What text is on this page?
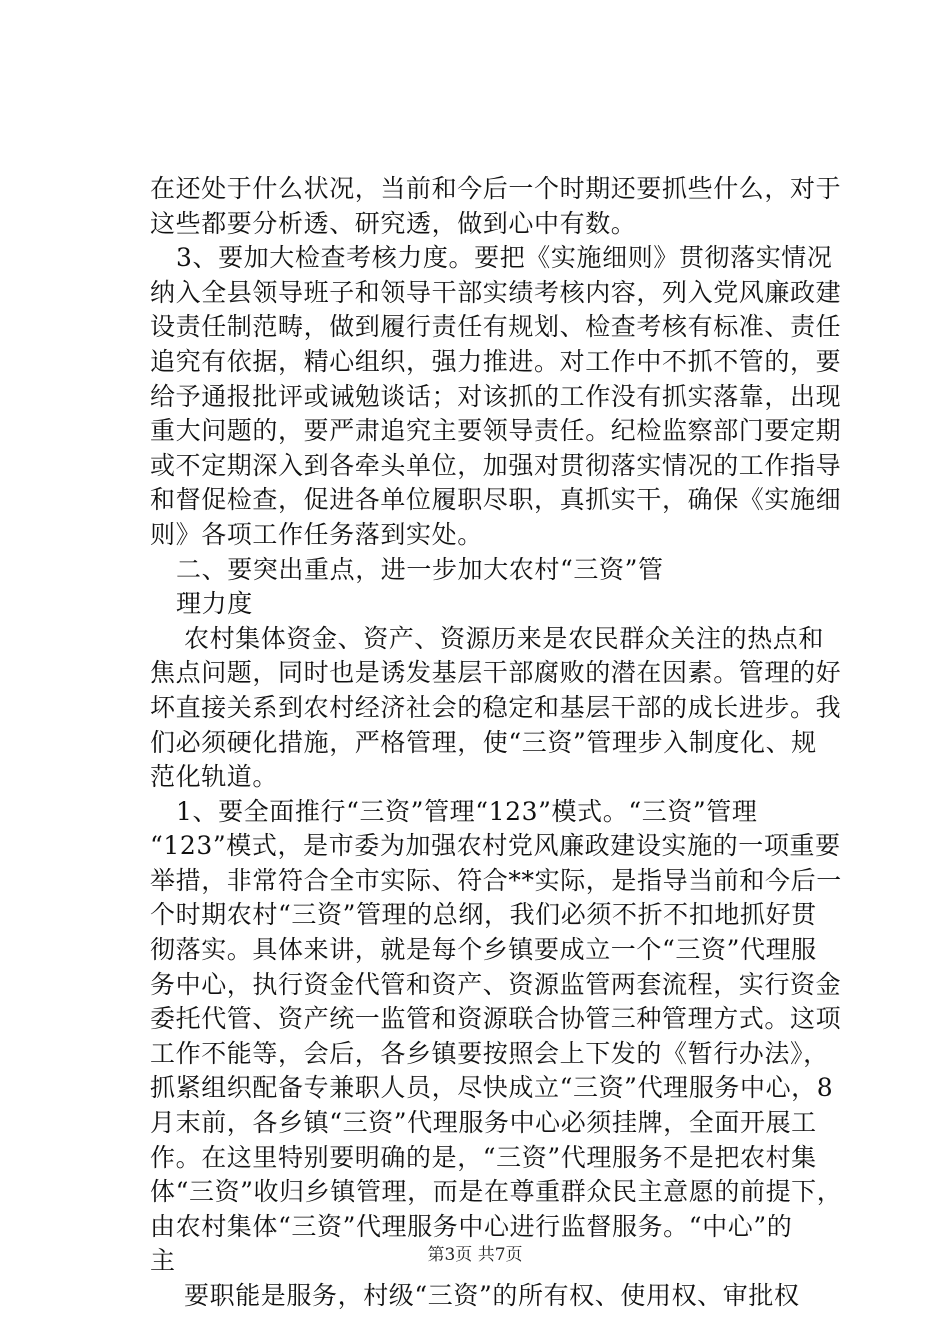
在还处于什么状况，当前和今后一个时期还要抓些什么，对于
这些都要分析透、研究透，做到心中有数。
3、要加大检查考核力度。要把《实施细则》贯彻落实情况
纳入全县领导班子和领导干部实绩考核内容，列入党风廉政建
设责任制范畴，做到履行责任有规划、检查考核有标准、责任
追究有依据，精心组织，强力推进。对工作中不抓不管的，要
给予通报批评或诫勉谈话；对该抓的工作没有抓实落靠，出现
重大问题的，要严肃追究主要领导责任。纪检监察部门要定期
或不定期深入到各牵头单位，加强对贯彻落实情况的工作指导
和督促检查，促进各单位履职尽职，真抓实干，确保《实施细
则》各项工作任务落到实处。
二、要突出重点，进一步加大农村“三资”管
理力度
农村集体资金、资产、资源历来是农民群众关注的热点和
焦点问题，同时也是诱发基层干部腐败的潜在因素。管理的好
坏直接关系到农村经济社会的稳定和基层干部的成长进步。我
们必须硬化措施，严格管理，使“三资”管理步入制度化、规
范化轨道。
1、要全面推行“三资”管理“123”模式。“三资”管理
“123”模式，是市委为加强农村党风廉政建设实施的一项重要
举措，非常符合全市实际、符合**实际，是指导当前和今后一
个时期农村“三资”管理的总纲，我们必须不折不扣地抓好贯
彻落实。具体来讲，就是每个乡镇要成立一个“三资”代理服
务中心，执行资金代管和资产、资源监管两套流程，实行资金
委托代管、资产统一监管和资源联合协管三种管理方式。这项
工作不能等，会后，各乡镇要按照会上下发的《暂行办法》，
抓紧组织配备专兼职人员，尽快成立“三资”代理服务中心，8
月末前，各乡镇“三资”代理服务中心必须挂牌，全面开展工
作。在这里特别要明确的是，“三资”代理服务不是把农村集
体“三资”收归乡镇管理，而是在尊重群众民主意愿的前提下，
由农村集体“三资”代理服务中心进行监督服务。“中心”的
主
要职能是服务，村级“三资”的所有权、使用权、审批权
第3页 共7页
